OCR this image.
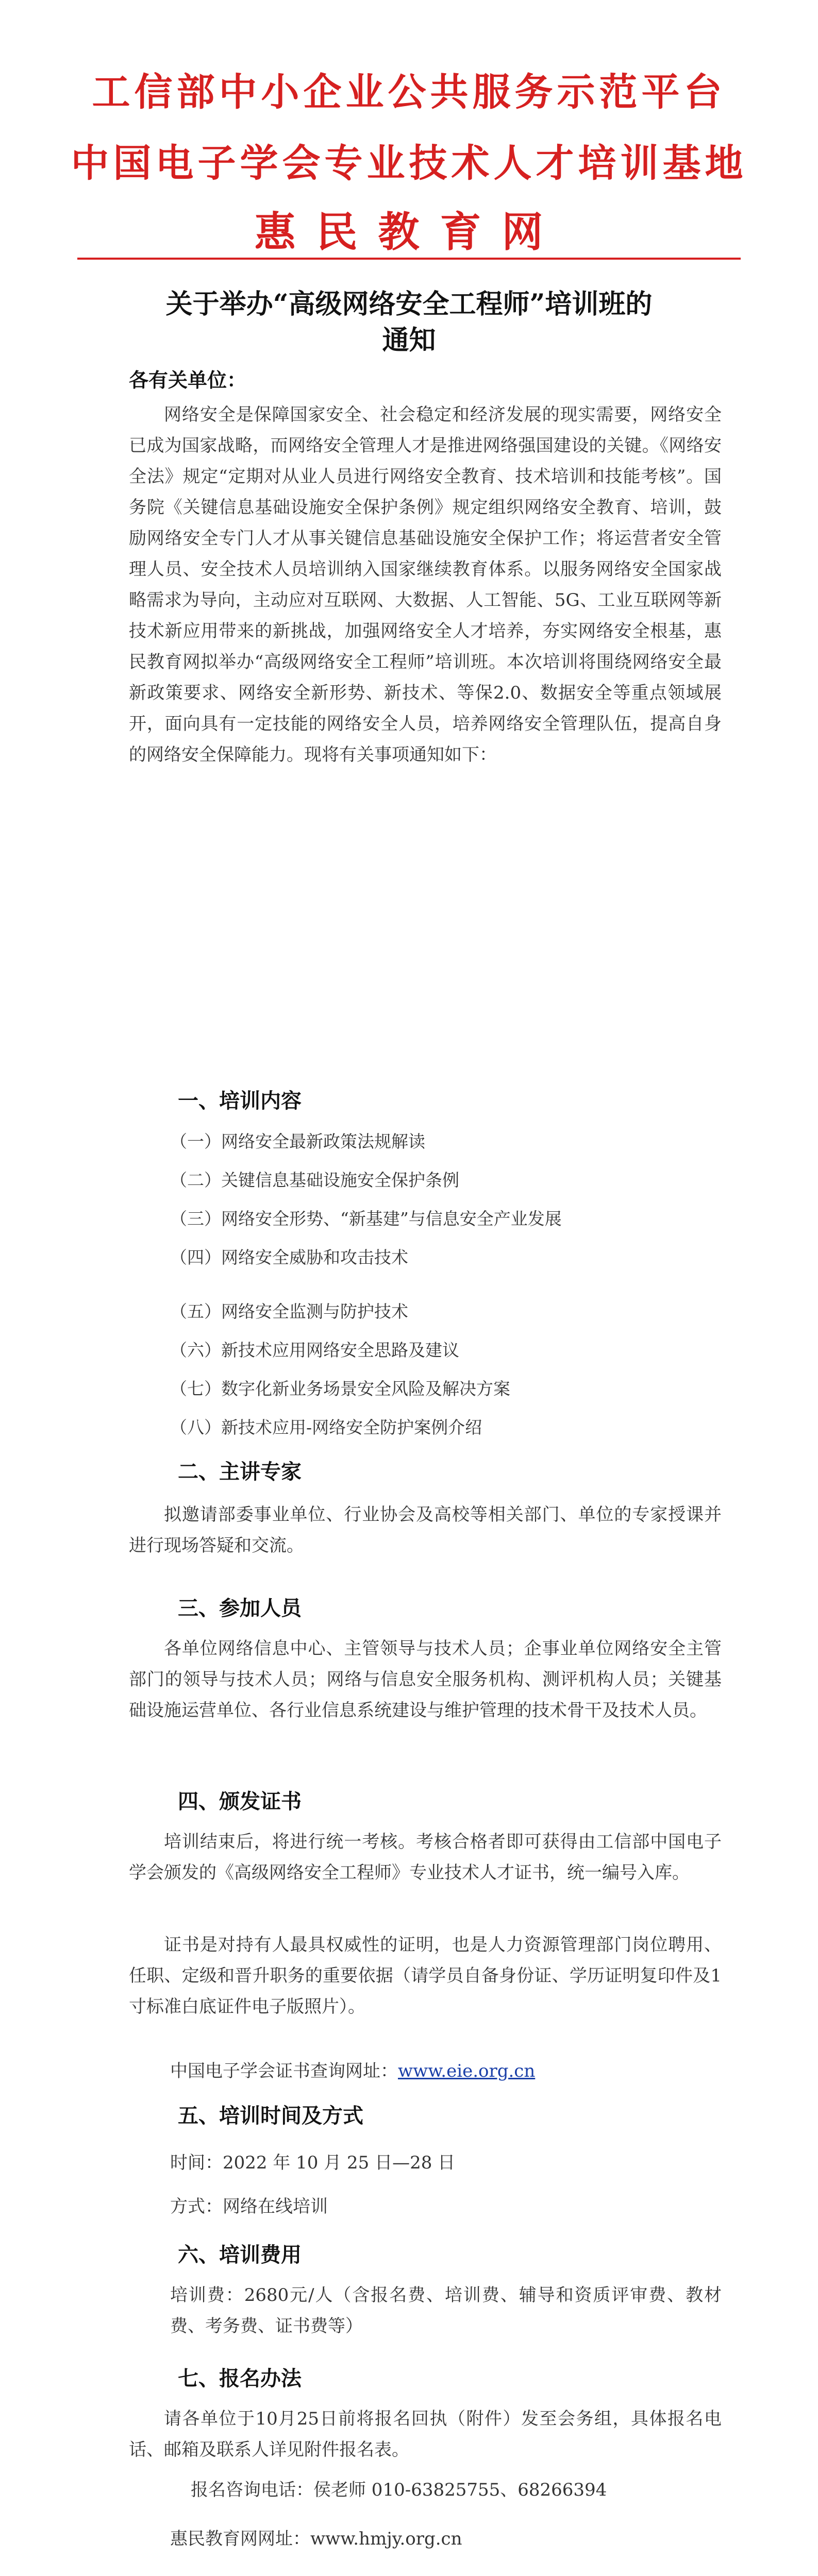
工信部中小企业公共服务示范平台
中国电子学会专业技术人才培训基地
惠民教育网
关于举办“高级网络安全工程师”培训班的
通知
各有关单位：
网络安全是保障国家安全、社会稳定和经济发展的现实需要，网络安全已成为国家战略，而网络安全管理人才是推进网络强国建设的关键。《网络安全法》规定“定期对从业人员进行网络安全教育、技术培训和技能考核”。国务院《关键信息基础设施安全保护条例》规定组织网络安全教育、培训，鼓励网络安全专门人才从事关键信息基础设施安全保护工作；将运营者安全管理人员、安全技术人员培训纳入国家继续教育体系。以服务网络安全国家战略需求为导向，主动应对互联网、大数据、人工智能、5G、工业互联网等新技术新应用带来的新挑战，加强网络安全人才培养，夯实网络安全根基，惠民教育网拟举办“高级网络安全工程师”培训班。本次培训将围绕网络安全最新政策要求、网络安全新形势、新技术、等保2.0、数据安全等重点领域展开，面向具有一定技能的网络安全人员，培养网络安全管理队伍，提高自身的网络安全保障能力。现将有关事项通知如下：
一、培训内容
（一）网络安全最新政策法规解读
（二）关键信息基础设施安全保护条例
（三）网络安全形势、“新基建”与信息安全产业发展
（四）网络安全威胁和攻击技术
（五）网络安全监测与防护技术
（六）新技术应用网络安全思路及建议
（七）数字化新业务场景安全风险及解决方案
（八）新技术应用-网络安全防护案例介绍
二、主讲专家
拟邀请部委事业单位、行业协会及高校等相关部门、单位的专家授课并进行现场答疑和交流。
三、参加人员
各单位网络信息中心、主管领导与技术人员；企事业单位网络安全主管部门的领导与技术人员；网络与信息安全服务机构、测评机构人员；关键基础设施运营单位、各行业信息系统建设与维护管理的技术骨干及技术人员。
四、颁发证书
培训结束后，将进行统一考核。考核合格者即可获得由工信部中国电子学会颁发的《高级网络安全工程师》专业技术人才证书，统一编号入库。
证书是对持有人最具权威性的证明，也是人力资源管理部门岗位聘用、任职、定级和晋升职务的重要依据（请学员自备身份证、学历证明复印件及1寸标准白底证件电子版照片）。
中国电子学会证书查询网址：www.eie.org.cn
五、培训时间及方式
时间：2022 年 10 月 25 日—28 日
方式：网络在线培训
六、培训费用
培训费：2680元/人（含报名费、培训费、辅导和资质评审费、教材费、考务费、证书费等）
七、报名办法
请各单位于10月25日前将报名回执（附件）发至会务组，具体报名电话、邮箱及联系人详见附件报名表。
报名咨询电话：侯老师 010-63825755、68266394
惠民教育网网址：www.hmjy.org.cn
